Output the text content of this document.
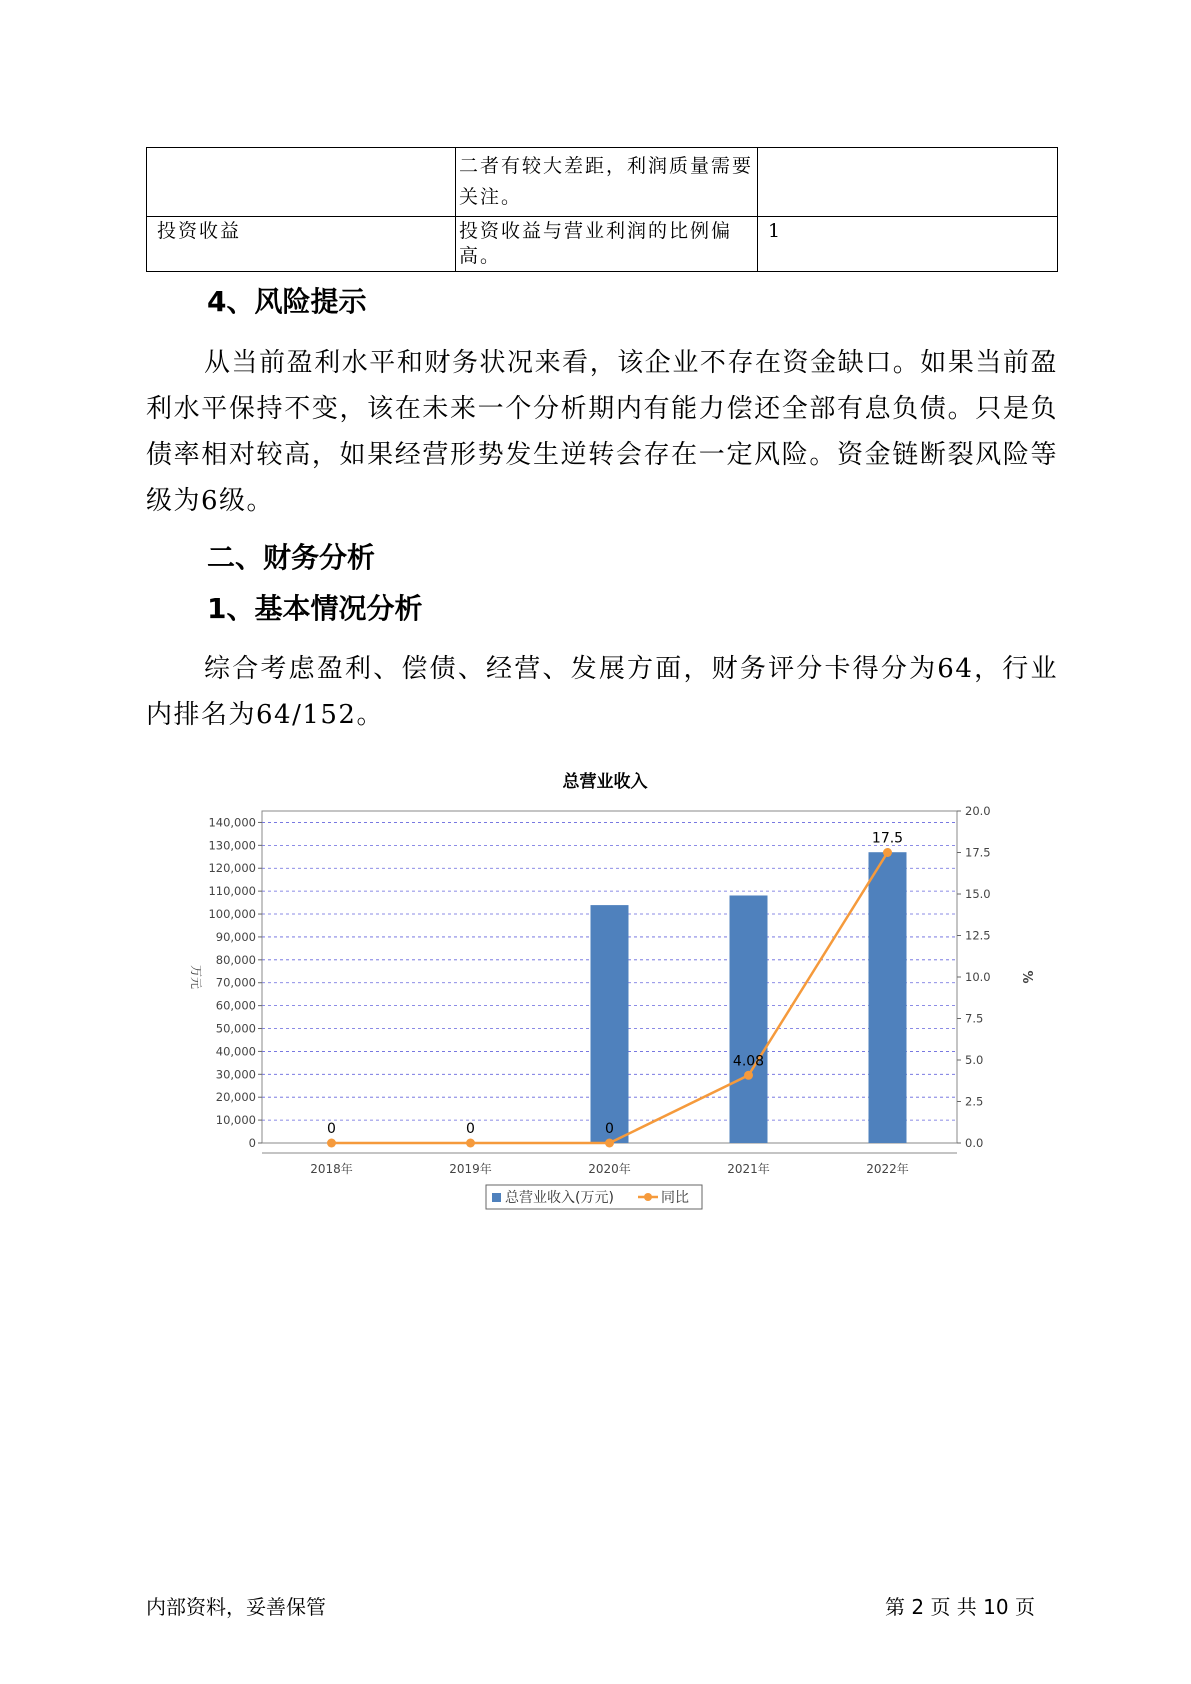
	二者有较大差距，利润质量需要关注。	
投资收益	投资收益与营业利润的比例偏高。	1
4、风险提示

从当前盈利水平和财务状况来看，该企业不存在资金缺口。如果当前盈利水平保持不变，该在未来一个分析期内有能力偿还全部有息负债。只是负债率相对较高，如果经营形势发生逆转会存在一定风险。资金链断裂风险等级为6级。

二、财务分析
1、基本情况分析

综合考虑盈利、偿债、经营、发展方面，财务评分卡得分为64，行业内排名为64/152。

总营业收入
0
10,000
20,000
30,000
40,000
50,000
60,000
70,000
80,000
90,000
100,000
110,000
120,000
130,000
140,000
0.0
2.5
5.0
7.5
10.0
12.5
15.0
17.5
20.0
万元	%
2018年	2019年	2020年	2021年	2022年
0	0	0
4.08
17.5
总营业收入(万元)	同比
内部资料，妥善保管	第 2 页 共 10 页
